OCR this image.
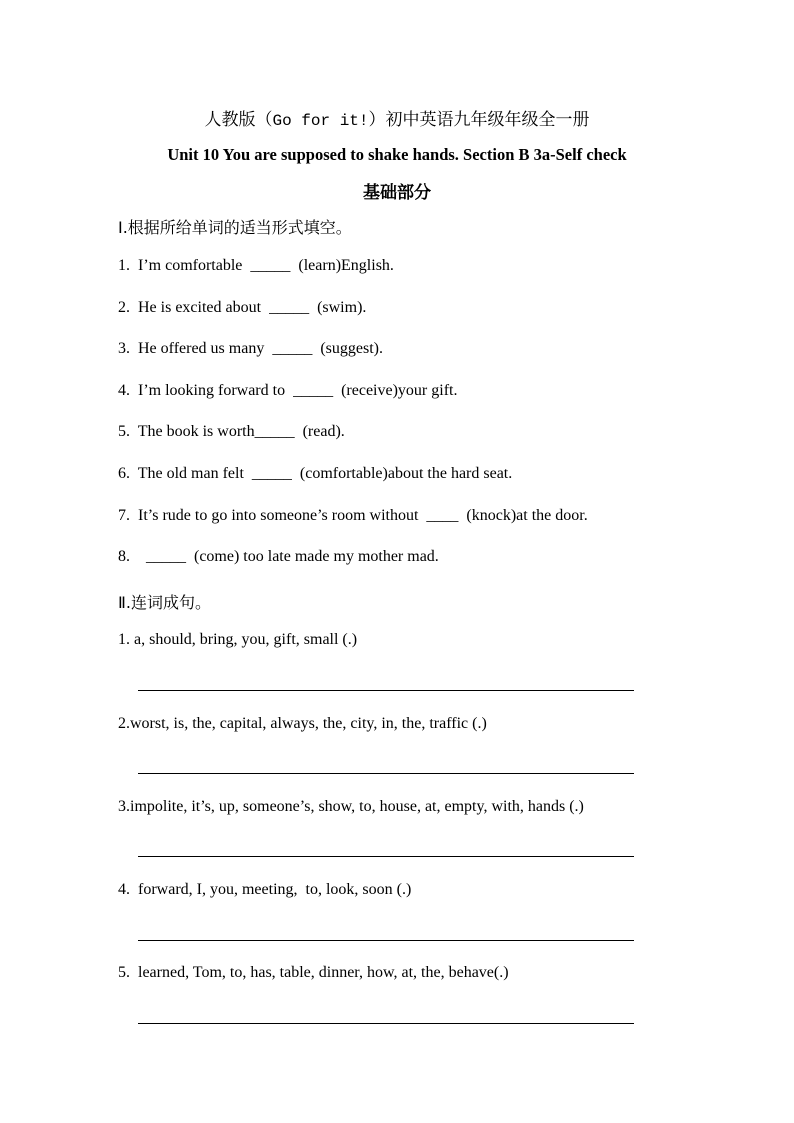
人教版（Go for it!）初中英语九年级年级全一册
Unit 10 You are supposed to shake hands. Section B 3a-Self check
基础部分
Ⅰ.根据所给单词的适当形式填空。
1.  I’m comfortable  _____  (learn)English.
2.  He is excited about  _____  (swim).
3.  He offered us many  _____  (suggest).
4.  I’m looking forward to  _____  (receive)your gift.
5.  The book is worth_____  (read).
6.  The old man felt  _____  (comfortable)about the hard seat.
7.  It’s rude to go into someone’s room without  ____  (knock)at the door.
8.    _____  (come) too late made my mother mad.
Ⅱ.连词成句。
1. a, should, bring, you, gift, small (.)
2.worst, is, the, capital, always, the, city, in, the, traffic (.)
3.impolite, it’s, up, someone’s, show, to, house, at, empty, with, hands (.)
4.  forward, I, you, meeting,  to, look, soon (.)
5.  learned, Tom, to, has, table, dinner, how, at, the, behave(.)
